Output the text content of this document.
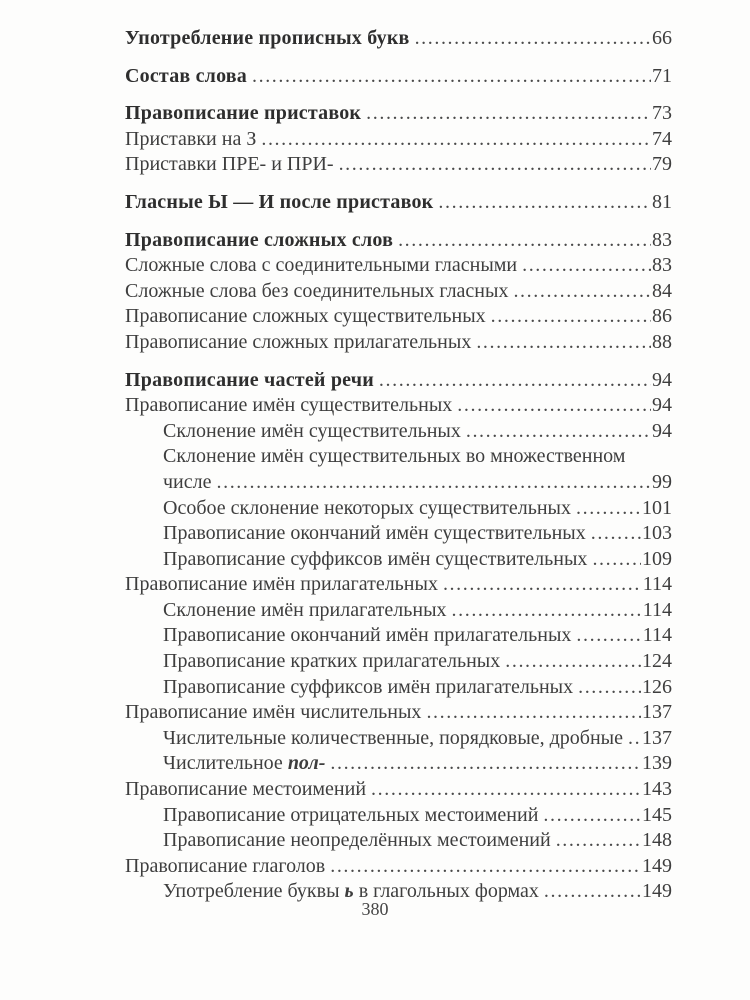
Употребление прописных букв .....	66
Состав слова .....	71
Правописание приставок .....	73
Приставки на З .....	74
Приставки ПРЕ- и ПРИ- .....	79
Гласные Ы — И после приставок .....	81
Правописание сложных слов .....	83
Сложные слова с соединительными гласными .....	83
Сложные слова без соединительных гласных .....	84
Правописание сложных существительных .....	86
Правописание сложных прилагательных .....	88
Правописание частей речи .....	94
Правописание имён существительных .....	94
Склонение имён существительных .....	94
Склонение имён существительных во множественном
числе .....	99
Особое склонение некоторых существительных .....	101
Правописание окончаний имён существительных .....	103
Правописание суффиксов имён существительных .....	109
Правописание имён прилагательных .....	114
Склонение имён прилагательных .....	114
Правописание окончаний имён прилагательных .....	114
Правописание кратких прилагательных .....	124
Правописание суффиксов имён прилагательных .....	126
Правописание имён числительных .....	137
Числительные количественные, порядковые, дробные ..... 137
Числительное пол- .....	139
Правописание местоимений .....	143
Правописание отрицательных местоимений .....	145
Правописание неопределённых местоимений .....	148
Правописание глаголов .....	149
Употребление буквы ь в глагольных формах .....	149
380
